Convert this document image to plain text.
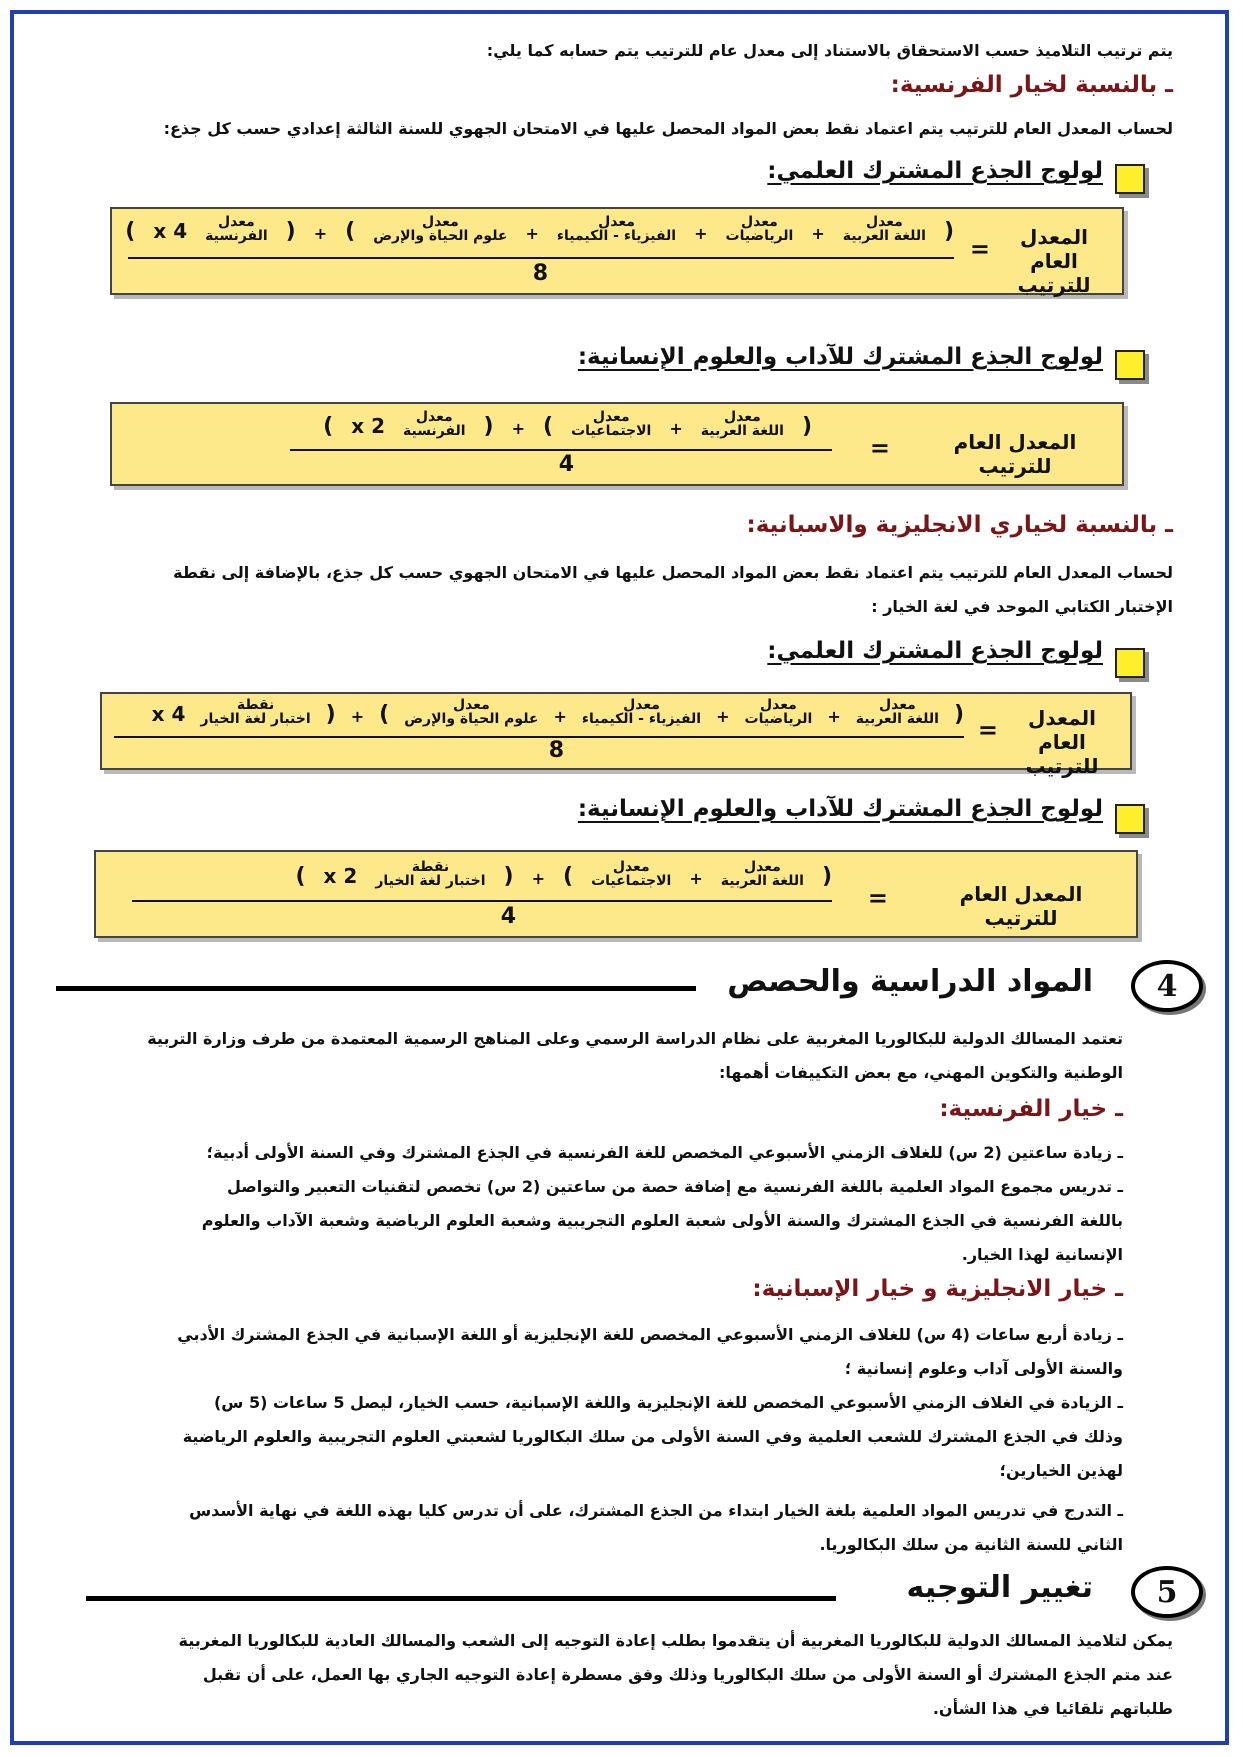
يتم ترتيب التلاميذ حسب الاستحقاق بالاستناد إلى معدل عام للترتيب يتم حسابه كما يلي:

ـ بالنسبة لخيار الفرنسية:

لحساب المعدل العام للترتيب يتم اعتماد نقط بعض المواد المحصل عليها في الامتحان الجهوي للسنة الثالثة إعدادي حسب كل جذع:

لولوج الجذع المشترك العلمي:
المعدل العام
للترتيب
=
(
معدل
اللغة العربية
+
معدل
الرياضيات
+
معدل
الفيزياء - الكيمياء
+
معدل
علوم الحياة والإرض
)
+
(
معدل
الفرنسية
4 x
)
8
لولوج الجذع المشترك للآداب والعلوم الإنسانية:
المعدل العام للترتيب
=
(
معدل
اللغة العربية
+
معدل
الاجتماعيات
)
+
(
معدل
الفرنسية
2 x
)
4
ـ بالنسبة لخياري الانجليزية والاسبانية:

لحساب المعدل العام للترتيب يتم اعتماد نقط بعض المواد المحصل عليها في الامتحان الجهوي حسب كل جذع، بالإضافة إلى نقطة

الإختبار الكتابي الموحد في لغة الخيار :

لولوج الجذع المشترك العلمي:
المعدل العام
للترتيب
=
(
معدل
اللغة العربية
+
معدل
الرياضيات
+
معدل
الفيزياء - الكيمياء
+
معدل
علوم الحياة والإرض
)
+
(
نقطة
اختبار لغة الخيار
4 x
8
لولوج الجذع المشترك للآداب والعلوم الإنسانية:
المعدل العام للترتيب
=
(
معدل
اللغة العربية
+
معدل
الاجتماعيات
)
+
(
نقطة
اختبار لغة الخيار
2 x
)
4
4
المواد الدراسية والحصص

تعتمد المسالك الدولية للبكالوريا المغربية على نظام الدراسة الرسمي وعلى المناهج الرسمية المعتمدة من طرف وزارة التربية

الوطنية والتكوين المهني، مع بعض التكييفات أهمها:

ـ خيار الفرنسية:

ـ زيادة ساعتين (2 س) للغلاف الزمني الأسبوعي المخصص للغة الفرنسية في الجذع المشترك وفي السنة الأولى أدبية؛

ـ تدريس مجموع المواد العلمية باللغة الفرنسية مع إضافة حصة من ساعتين (2 س) تخصص لتقنيات التعبير والتواصل

باللغة الفرنسية في الجذع المشترك والسنة الأولى شعبة العلوم التجريبية وشعبة العلوم الرياضية وشعبة الآداب والعلوم

الإنسانية لهذا الخيار.

ـ خيار الانجليزية و خيار الإسبانية:

ـ زيادة أربع ساعات (4 س) للغلاف الزمني الأسبوعي المخصص للغة الإنجليزية أو اللغة الإسبانية في الجذع المشترك الأدبي

والسنة الأولى آداب وعلوم إنسانية ؛

ـ الزيادة في الغلاف الزمني الأسبوعي المخصص للغة الإنجليزية واللغة الإسبانية، حسب الخيار، ليصل 5 ساعات (5 س)

وذلك في الجذع المشترك للشعب العلمية وفي السنة الأولى من سلك البكالوريا لشعبتي العلوم التجريبية والعلوم الرياضية

لهذين الخيارين؛

ـ التدرج في تدريس المواد العلمية بلغة الخيار ابتداء من الجذع المشترك، على أن تدرس كليا بهذه اللغة في نهاية الأسدس

الثاني للسنة الثانية من سلك البكالوريا.

5
تغيير التوجيه

يمكن لتلاميذ المسالك الدولية للبكالوريا المغربية أن يتقدموا بطلب إعادة التوجيه إلى الشعب والمسالك العادية للبكالوريا المغربية

عند متم الجذع المشترك أو السنة الأولى من سلك البكالوريا وذلك وفق مسطرة إعادة التوجيه الجاري بها العمل، على أن تقبل

طلباتهم تلقائيا في هذا الشأن.
